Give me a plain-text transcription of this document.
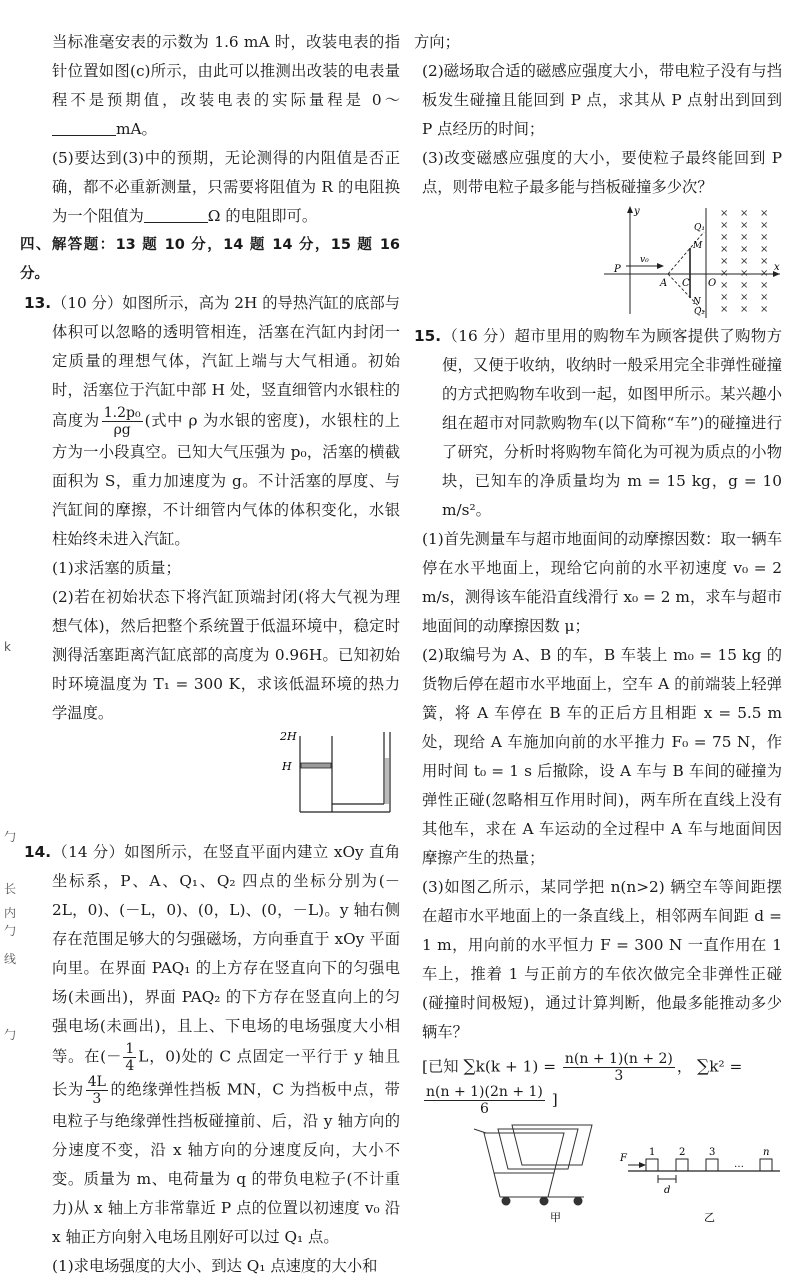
k
勹
长
内
勹
线
勹

当标准毫安表的示数为 1.6 mA 时，改装电表的指针位置如图(c)所示，由此可以推测出改装的电表量程不是预期值，改装电表的实际量程是 0～mA。

(5)要达到(3)中的预期，无论测得的内阻值是否正确，都不必重新测量，只需要将阻值为 R 的电阻换为一个阻值为	Ω 的电阻即可。

四、解答题：13 题 10 分，14 题 14 分，15 题 16 分。

13.（10 分）如图所示，高为 2H 的导热汽缸的底部与体积可以忽略的透明管相连，活塞在汽缸内封闭一定质量的理想气体，汽缸上端与大气相通。初始时，活塞位于汽缸中部 H 处，竖直细管内水银柱的高度为 $\frac{\text{1.2p₀}}{\rho g}$ (式中 ρ 为水银的密度)，水银柱的上方为一小段真空。已知大气压强为 p₀，活塞的横截面积为 S，重力加速度为 g。不计活塞的厚度、与汽缸间的摩擦，不计细管内气体的体积变化，水银柱始终未进入汽缸。

(1)求活塞的质量；

(2)若在初始状态下将汽缸顶端封闭(将大气视为理想气体)，然后把整个系统置于低温环境中，稳定时测得活塞距离汽缸底部的高度为 0.96H。已知初始时环境温度为 T₁ = 300 K，求该低温环境的热力学温度。

2H
H

14.（14 分）如图所示，在竖直平面内建立 xOy 直角坐标系，P、A、Q₁、Q₂ 四点的坐标分别为(－2L，0)、(－L，0)、(0，L)、(0，－L)。y 轴右侧存在范围足够大的匀强磁场，方向垂直于 xOy 平面向里。在界面 PAQ₁ 的上方存在竖直向下的匀强电场(未画出)，界面 PAQ₂ 的下方存在竖直向上的匀强电场(未画出)，且上、下电场的电场强度大小相等。在(－ $\frac{1}{4}$ L，0)处的 C 点固定一平行于 y 轴且长为 $\frac{4L}{3}$ 的绝缘弹性挡板 MN，C 为挡板中点，带电粒子与绝缘弹性挡板碰撞前、后，沿 y 轴方向的分速度不变，沿 x 轴方向的分速度反向，大小不变。质量为 m、电荷量为 q 的带负电粒子(不计重力)从 x 轴上方非常靠近 P 点的位置以初速度 v₀ 沿 x 轴正方向射入电场且刚好可以过 Q₁ 点。

(1)求电场强度的大小、到达 Q₁ 点速度的大小和

方向；

(2)磁场取合适的磁感应强度大小，带电粒子没有与挡板发生碰撞且能回到 P 点，求其从 P 点射出到回到 P 点经历的时间；

(3)改变磁感应强度的大小，要使粒子最终能回到 P 点，则带电粒子最多能与挡板碰撞多少次？

y
x
P
v₀
A
M
N
C O
Q₁
Q₂
× × ×
× × ×
× × ×
× × ×
× × ×
× × ×
× × ×
× × ×
× × ×

15.（16 分）超市里用的购物车为顾客提供了购物方便，又便于收纳，收纳时一般采用完全非弹性碰撞的方式把购物车收到一起，如图甲所示。某兴趣小组在超市对同款购物车(以下简称“车”)的碰撞进行了研究，分析时将购物车简化为可视为质点的小物块，已知车的净质量均为 m = 15 kg，g = 10 m/s²。

(1)首先测量车与超市地面间的动摩擦因数：取一辆车停在水平地面上，现给它向前的水平初速度 v₀ = 2 m/s，测得该车能沿直线滑行 x₀ = 2 m，求车与超市地面间的动摩擦因数 μ；

(2)取编号为 A、B 的车，B 车装上 m₀ = 15 kg 的货物后停在超市水平地面上，空车 A 的前端装上轻弹簧，将 A 车停在 B 车的正后方且相距 x = 5.5 m 处，现给 A 车施加向前的水平推力 F₀ = 75 N，作用时间 t₀ = 1 s 后撤除，设 A 车与 B 车间的碰撞为弹性正碰(忽略相互作用时间)，两车所在直线上没有其他车，求在 A 车运动的全过程中 A 车与地面间因摩擦产生的热量；

(3)如图乙所示，某同学把 n(n>2) 辆空车等间距摆在超市水平地面上的一条直线上，相邻两车间距 d = 1 m，用向前的水平恒力 F = 300 N 一直作用在 1 车上，推着 1 与正前方的车依次做完全非弹性正碰(碰撞时间极短)，通过计算判断，他最多能推动多少辆车？

[已知 $\sum k(k + 1) = \frac{n(n + 1)(n + 2)}{3}$ ， ∑k² =

$\frac{n(n + 1)(2n + 1)}{6}$ ]
甲
F
1 2 3
…
n
d
乙
